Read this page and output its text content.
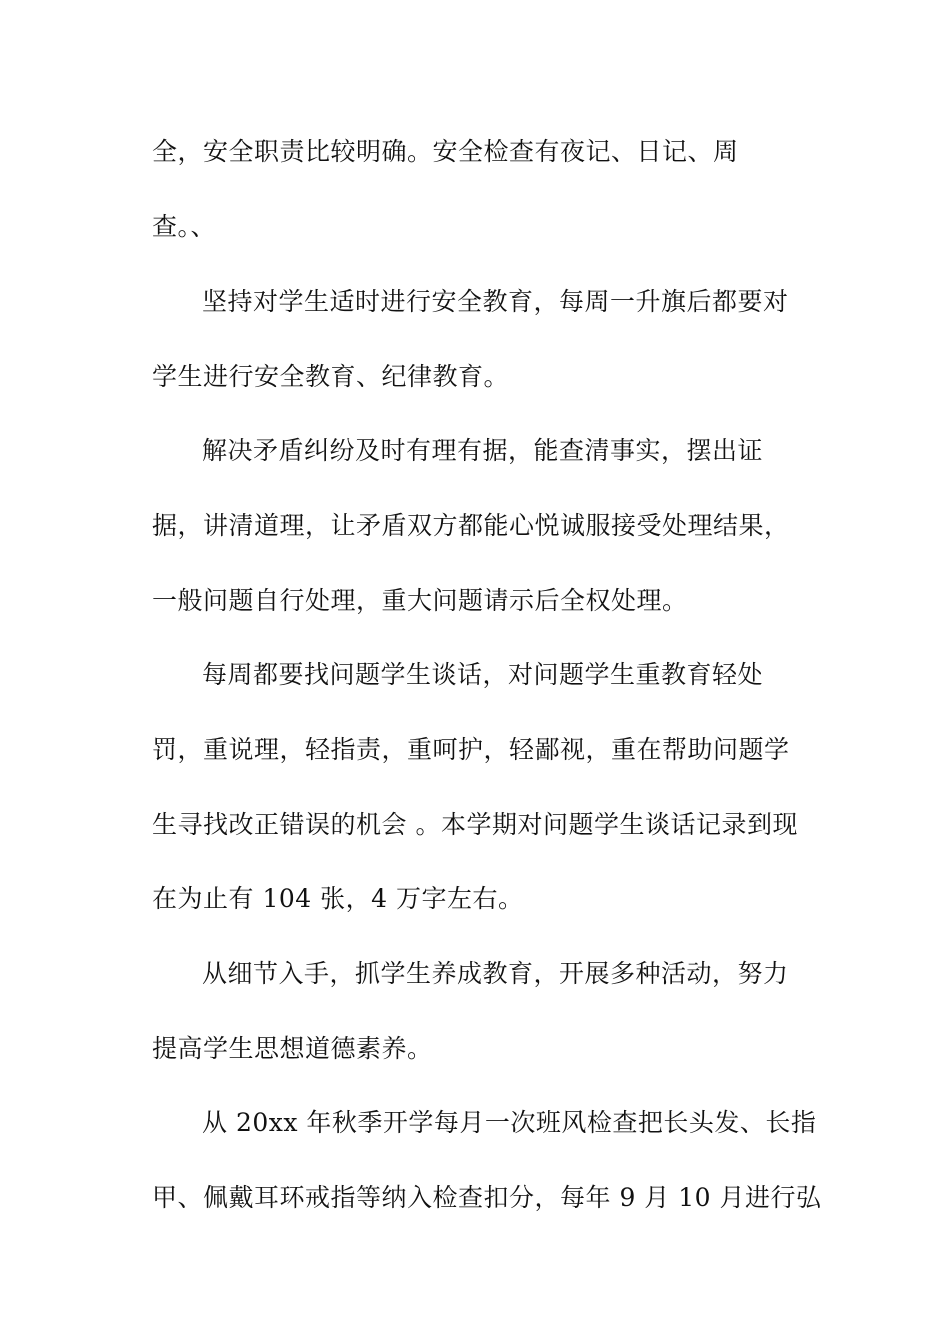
全，安全职责比较明确。安全检查有夜记、日记、周

查。、

坚持对学生适时进行安全教育，每周一升旗后都要对

学生进行安全教育、纪律教育。

解决矛盾纠纷及时有理有据，能查清事实，摆出证

据，讲清道理，让矛盾双方都能心悦诚服接受处理结果，

一般问题自行处理，重大问题请示后全权处理。

每周都要找问题学生谈话，对问题学生重教育轻处

罚，重说理，轻指责，重呵护，轻鄙视，重在帮助问题学

生寻找改正错误的机会 。本学期对问题学生谈话记录到现

在为止有 104 张，4 万字左右。

从细节入手，抓学生养成教育，开展多种活动，努力

提高学生思想道德素养。

从 20xx 年秋季开学每月一次班风检查把长头发、长指

甲、佩戴耳环戒指等纳入检查扣分，每年 9 月 10 月进行弘
